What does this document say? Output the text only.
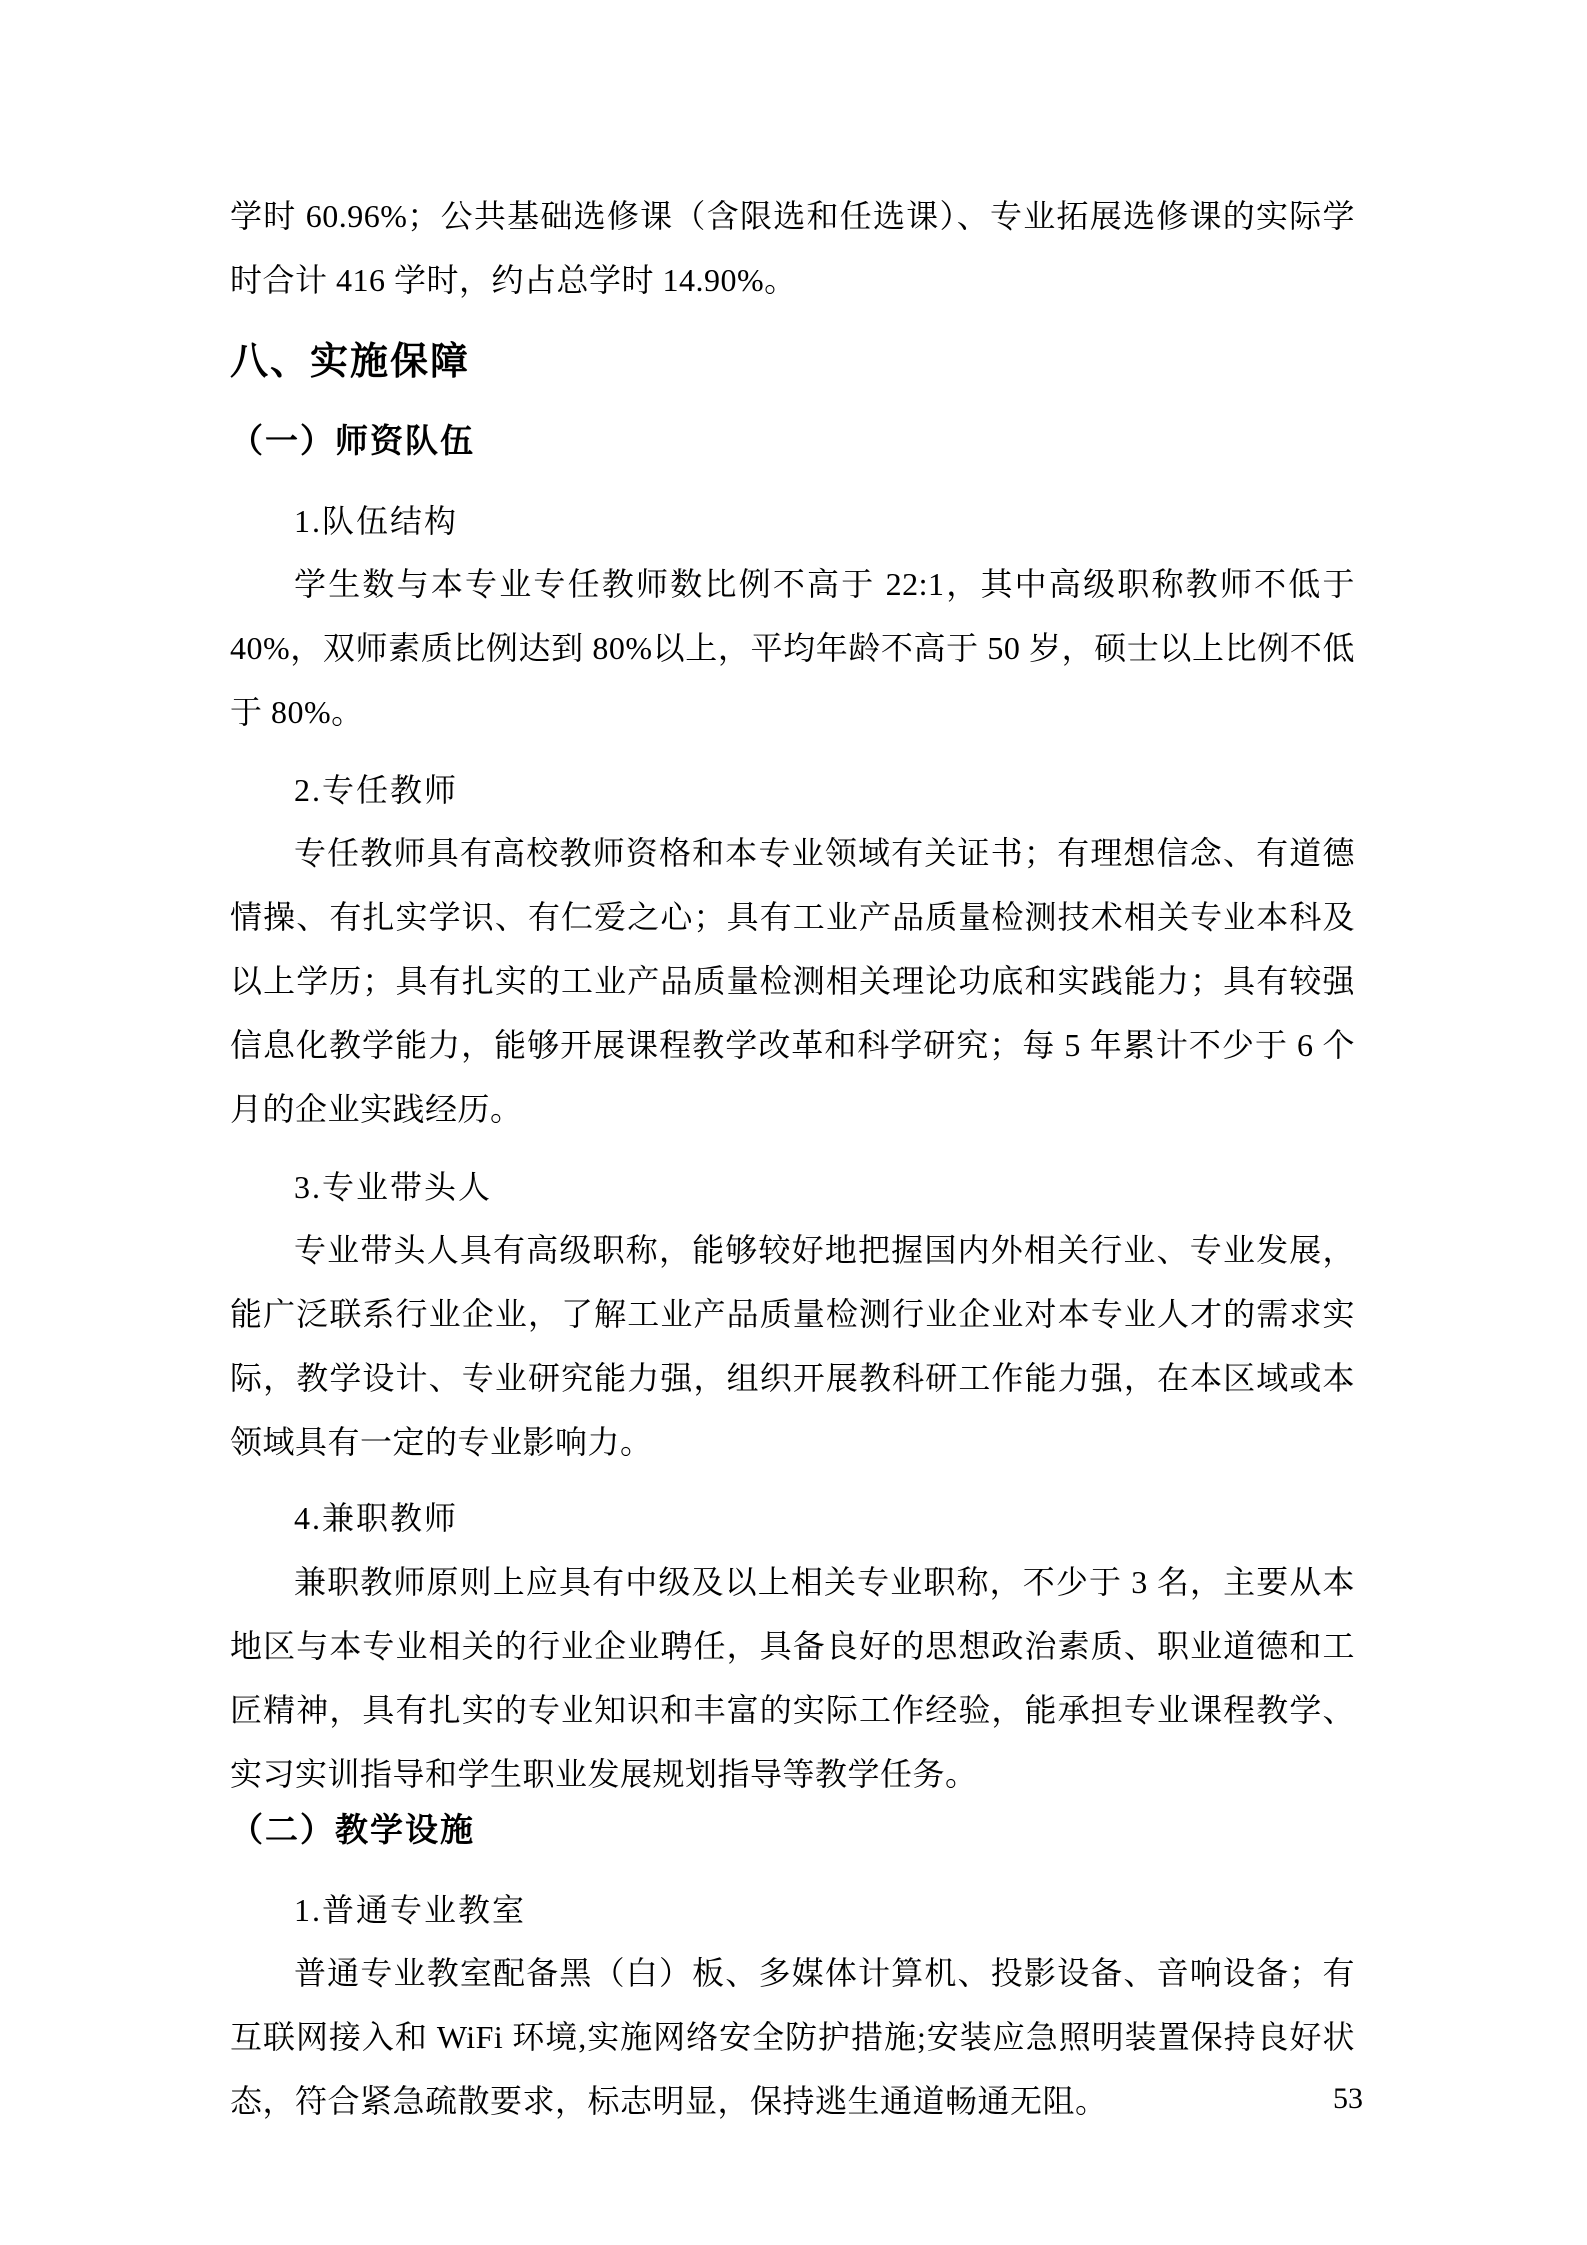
学时 60.96%；公共基础选修课（含限选和任选课）、专业拓展选修课的实际学时合计 416 学时，约占总学时 14.90%。

八、实施保障
（一）师资队伍
1.队伍结构

学生数与本专业专任教师数比例不高于 22:1，其中高级职称教师不低于 40%，双师素质比例达到 80%以上，平均年龄不高于 50 岁，硕士以上比例不低于 80%。

2.专任教师

专任教师具有高校教师资格和本专业领域有关证书；有理想信念、有道德情操、有扎实学识、有仁爱之心；具有工业产品质量检测技术相关专业本科及以上学历；具有扎实的工业产品质量检测相关理论功底和实践能力；具有较强信息化教学能力，能够开展课程教学改革和科学研究；每 5 年累计不少于 6 个月的企业实践经历。

3.专业带头人

专业带头人具有高级职称，能够较好地把握国内外相关行业、专业发展，能广泛联系行业企业，了解工业产品质量检测行业企业对本专业人才的需求实际，教学设计、专业研究能力强，组织开展教科研工作能力强，在本区域或本领域具有一定的专业影响力。

4.兼职教师

兼职教师原则上应具有中级及以上相关专业职称，不少于 3 名，主要从本地区与本专业相关的行业企业聘任，具备良好的思想政治素质、职业道德和工匠精神，具有扎实的专业知识和丰富的实际工作经验，能承担专业课程教学、实习实训指导和学生职业发展规划指导等教学任务。

（二）教学设施
1.普通专业教室

普通专业教室配备黑（白）板、多媒体计算机、投影设备、音响设备；有互联网接入和 WiFi 环境,实施网络安全防护措施;安装应急照明装置保持良好状态，符合紧急疏散要求，标志明显，保持逃生通道畅通无阻。	53
